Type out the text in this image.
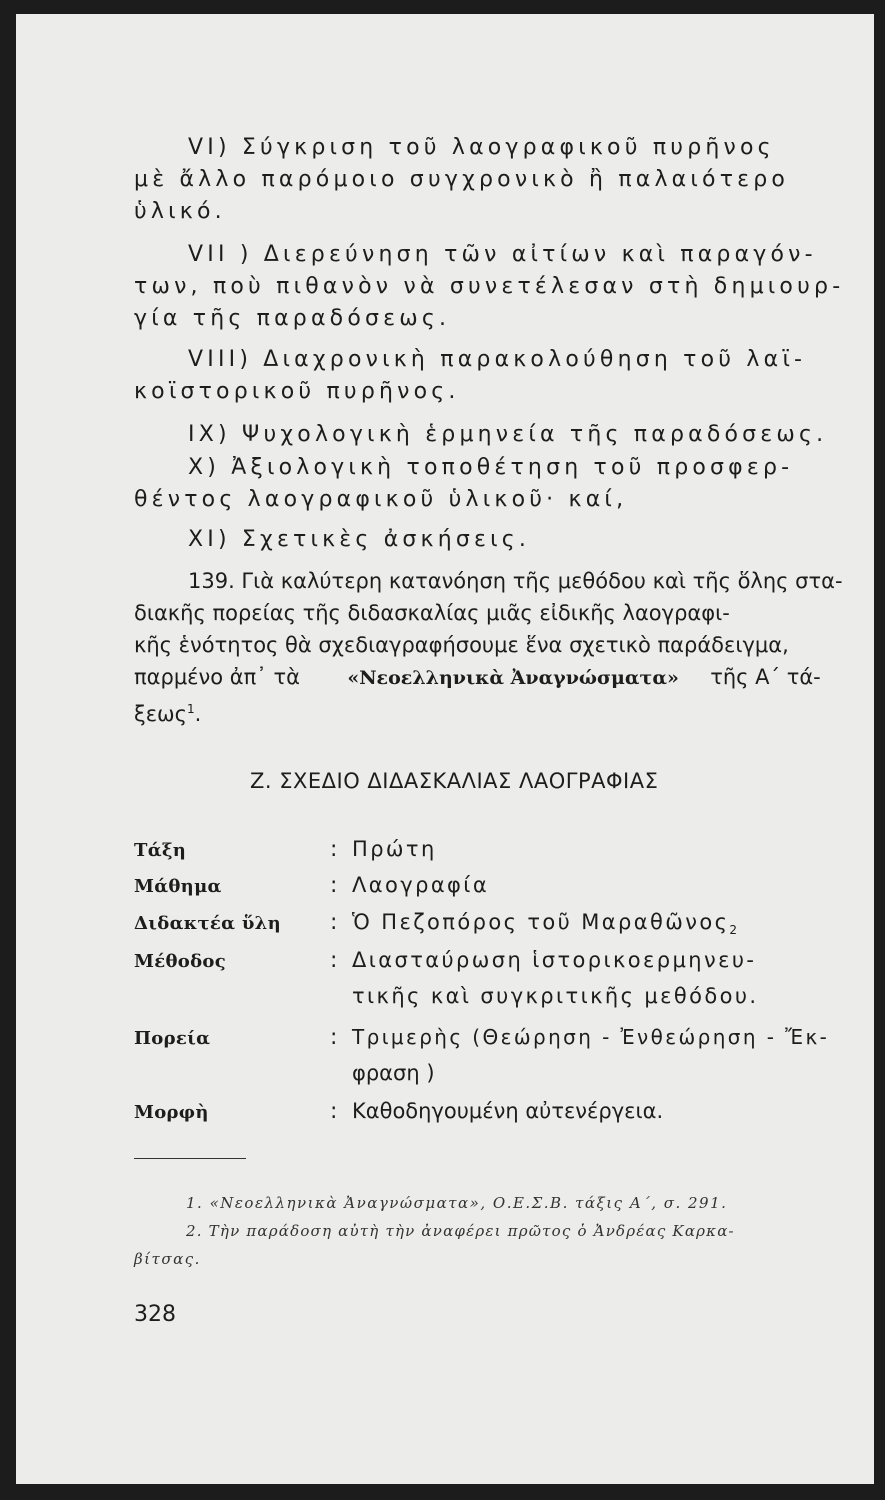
VI) Σύγκριση τοῦ λαογραφικοῦ πυρῆνος
μὲ ἄλλο παρόμοιο συγχρονικὸ ἢ παλαιότερο
ὑλικό.
VII ) Διερεύνηση τῶν αἰτίων καὶ παραγόν-
των, ποὺ πιθανὸν νὰ συνετέλεσαν στὴ δημιουρ-
γία τῆς παραδόσεως.
VIII) Διαχρονικὴ παρακολούθηση τοῦ λαϊ-
κοϊστορικοῦ πυρῆνος.
IX) Ψυχολογικὴ ἑρμηνεία τῆς παραδόσεως.
X) Ἀξιολογικὴ τοποθέτηση τοῦ προσφερ-
θέντος λαογραφικοῦ ὑλικοῦ· καί,
XI) Σχετικὲς ἀσκήσεις.
139. Γιὰ καλύτερη κατανόηση τῆς μεθόδου καὶ τῆς ὅλης στα-
διακῆς πορείας τῆς διδασκαλίας μιᾶς εἰδικῆς λαογραφι-
κῆς ἑνότητος θὰ σχεδιαγραφήσουμε ἕνα σχετικὸ παράδειγμα,
παρμένο ἀπ᾽ τὰ «Νεοελληνικὰ Ἀναγνώσματα» τῆς Α΄ τά-
ξεως$^1$.
Ζ. ΣΧΕΔΙΟ ΔΙΔΑΣΚΑΛΙΑΣ ΛΑΟΓΡΑΦΙΑΣ
Τάξη	: Πρώτη
Μάθημα	: Λαογραφία
Διδακτέα ὕλη : Ὁ Πεζοπόρος τοῦ Μαραθῶνος$_2$
Μέθοδος	: Διασταύρωση ἱστορικοερμηνευ-
τικῆς καὶ συγκριτικῆς μεθόδου.
Πορεία	: Τριμερὴς (Θεώρηση - Ἐνθεώρηση - Ἔκ-
φραση )
Μορφὴ	: Καθοδηγουμένη αὐτενέργεια.
1. «Νεοελληνικὰ Ἀναγνώσματα», Ο.Ε.Σ.Β. τάξις Α΄, σ. 291.
2. Τὴν παράδοση αὐτὴ τὴν ἀναφέρει πρῶτος ὁ Ἀνδρέας Καρκα-
βίτσας.
328
